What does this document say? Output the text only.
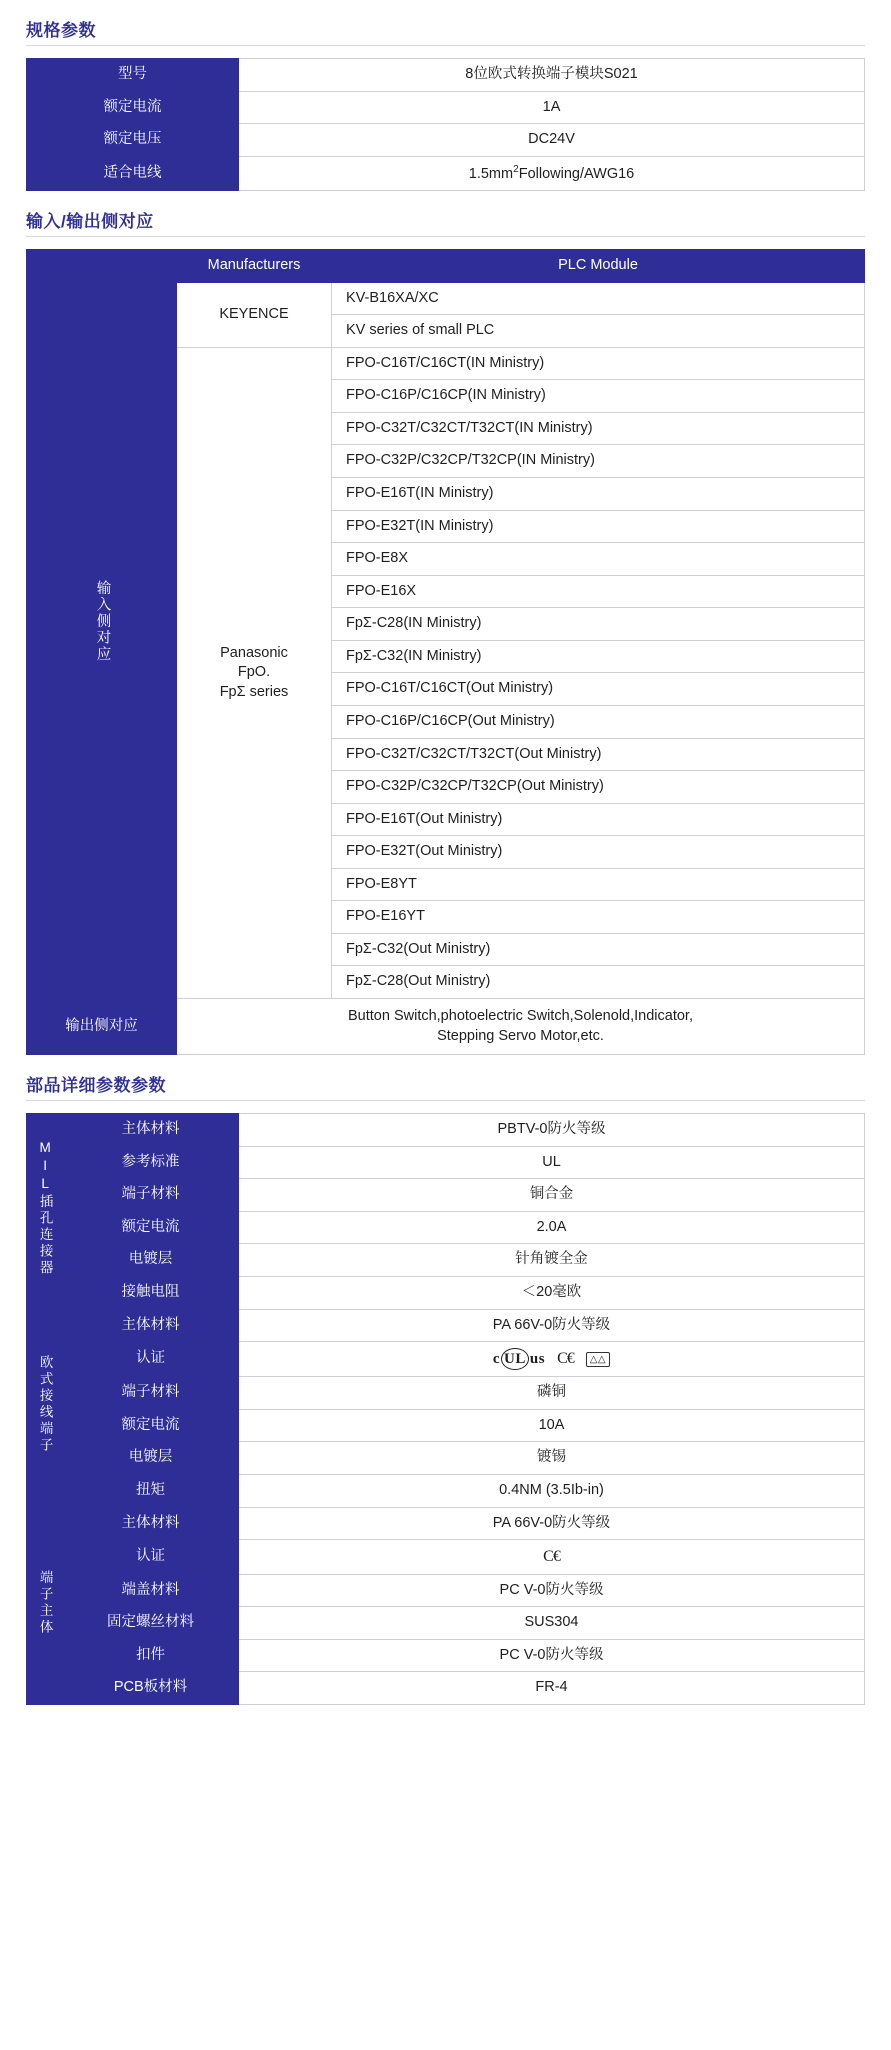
规格参数
型号	8位欧式转换端子模块S021
额定电流	1A
额定电压	DC24V
适合电线	$1.5mm^2Following/AWG16$
输入/输出侧对应
输入侧对应	Manufacturers	PLC Module
	KEYENCE	KV-B16XA/XC
		KV series of small PLC

	Panasonic
FpO.
FpΣ series	FPO-C16T/C16CT(IN Ministry)
		FPO-C16P/C16CP(IN Ministry)
		FPO-C32T/C32CT/T32CT(IN Ministry)
		FPO-C32P/C32CP/T32CP(IN Ministry)
		FPO-E16T(IN Ministry)
		FPO-E32T(IN Ministry)
		FPO-E8X
		FPO-E16X
		FpΣ-C28(IN Ministry)
		FpΣ-C32(IN Ministry)
		FPO-C16T/C16CT(Out Ministry)
		FPO-C16P/C16CP(Out Ministry)
		FPO-C32T/C32CT/T32CT(Out Ministry)
		FPO-C32P/C32CP/T32CP(Out Ministry)
		FPO-E16T(Out Ministry)
		FPO-E32T(Out Ministry)
		FPO-E8YT
		FPO-E16YT
		FpΣ-C32(Out Ministry)
		FpΣ-C28(Out Ministry)
输出侧对应	Button Switch,photoelectric Switch,Solenold,Indicator,
Stepping Servo Motor,etc.	
部品详细参数参数
MIL插孔连接器	主体材料	PBTV-0防火等级
	参考标准	UL
	端子材料	铜合金
	额定电流	2.0A
	电镀层	针角镀全金
	接触电阻	＜20毫欧
欧式接线端子	主体材料	PA 66V-0防火等级
	认证	c UL us C€ △△

	端子材料	磷铜
	额定电流	10A
	电镀层	镀锡
	扭矩	0.4NM (3.5Ib-in)
端子主体	主体材料	PA 66V-0防火等级
	认证	C€

	端盖材料	PC V-0防火等级
	固定螺丝材料	SUS304
	扣件	PC V-0防火等级
	PCB板材料	FR-4
